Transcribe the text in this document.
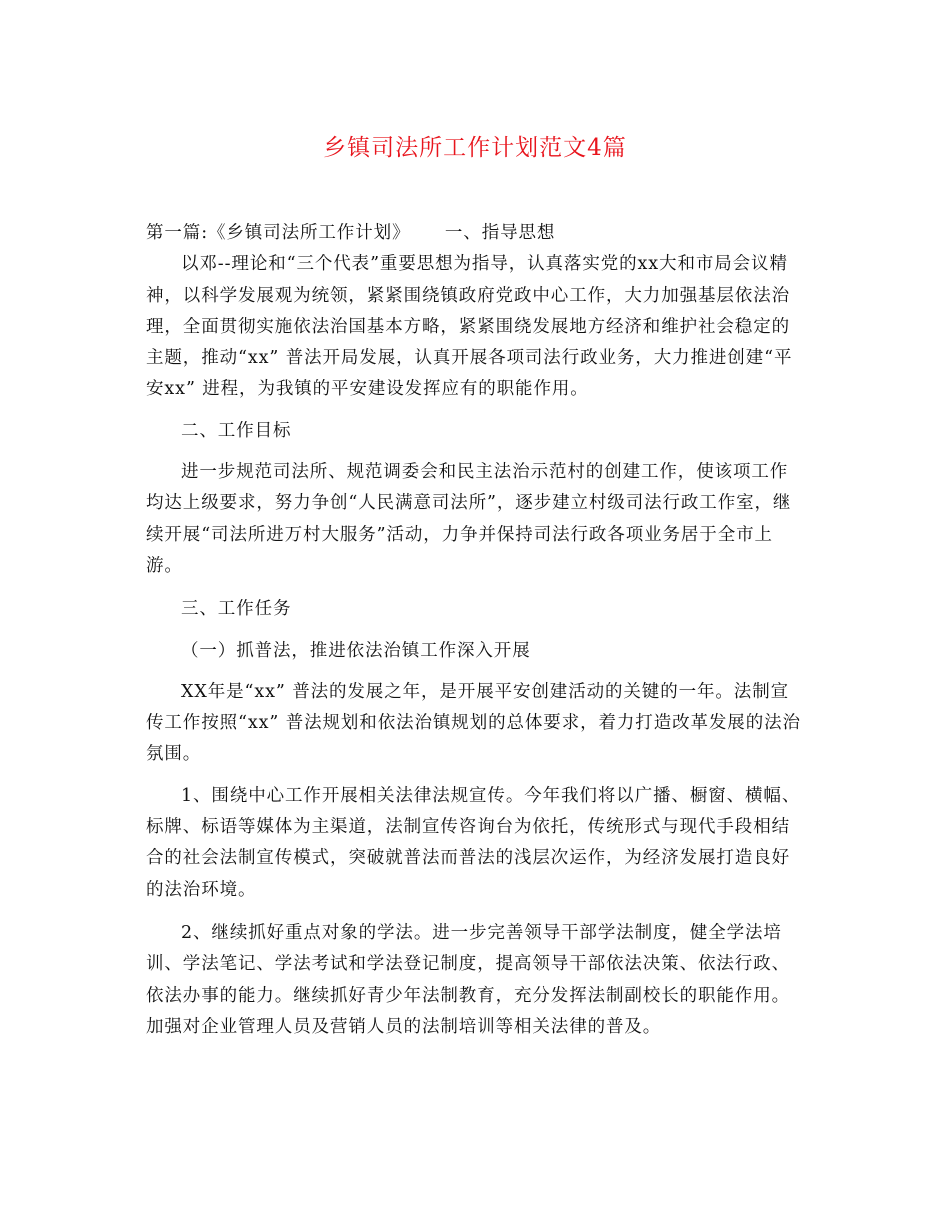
乡镇司法所工作计划范文4篇

第一篇:《乡镇司法所工作计划》　　 一、指导思想

以邓--理论和“三个代表”重要思想为指导，认真落实党的xx大和市局会议精神，以科学发展观为统领，紧紧围绕镇政府党政中心工作，大力加强基层依法治理，全面贯彻实施依法治国基本方略，紧紧围绕发展地方经济和维护社会稳定的主题，推动“xx” 普法开局发展，认真开展各项司法行政业务，大力推进创建“平安xx” 进程，为我镇的平安建设发挥应有的职能作用。

二、工作目标

进一步规范司法所、规范调委会和民主法治示范村的创建工作，使该项工作均达上级要求，努力争创“人民满意司法所”，逐步建立村级司法行政工作室，继续开展“司法所进万村大服务”活动，力争并保持司法行政各项业务居于全市上游。

三、工作任务

（一）抓普法，推进依法治镇工作深入开展

XX年是“xx” 普法的发展之年，是开展平安创建活动的关键的一年。法制宣传工作按照“xx” 普法规划和依法治镇规划的总体要求，着力打造改革发展的法治氛围。

1、围绕中心工作开展相关法律法规宣传。今年我们将以广播、橱窗、横幅、标牌、标语等媒体为主渠道，法制宣传咨询台为依托，传统形式与现代手段相结合的社会法制宣传模式，突破就普法而普法的浅层次运作，为经济发展打造良好的法治环境。

2、继续抓好重点对象的学法。进一步完善领导干部学法制度，健全学法培训、学法笔记、学法考试和学法登记制度，提高领导干部依法决策、依法行政、依法办事的能力。继续抓好青少年法制教育，充分发挥法制副校长的职能作用。加强对企业管理人员及营销人员的法制培训等相关法律的普及。
